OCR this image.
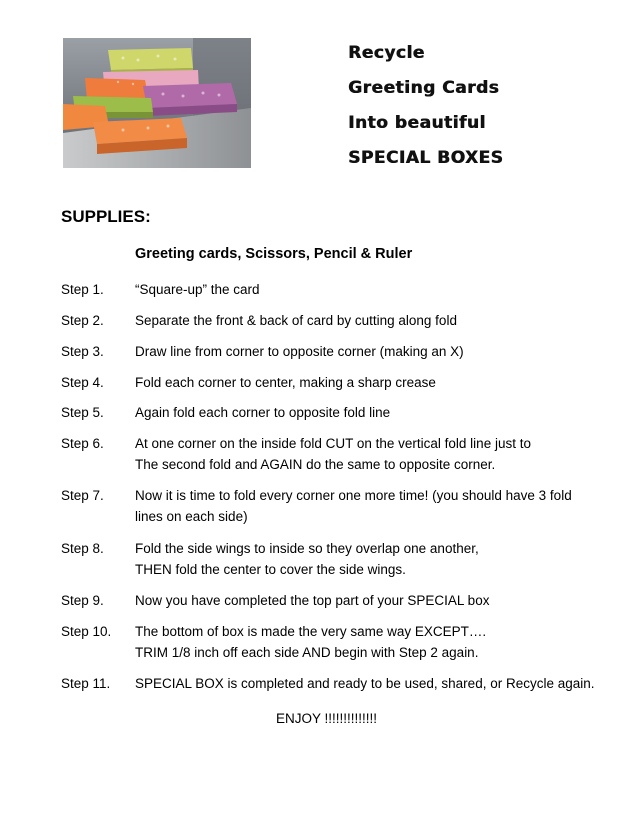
Recycle
Greeting Cards
Into beautiful
SPECIAL BOXES
SUPPLIES:
Greeting cards, Scissors, Pencil & Ruler
Step 1. “Square-up” the card
Step 2. Separate the front & back of card by cutting along fold
Step 3. Draw line from corner to opposite corner (making an X)
Step 4. Fold each corner to center, making a sharp crease
Step 5. Again fold each corner to opposite fold line
Step 6. At one corner on the inside fold CUT on the vertical fold line just to
The second fold and AGAIN do the same to opposite corner.
Step 7. Now it is time to fold every corner one more time! (you should have 3 fold
lines on each side)
Step 8. Fold the side wings to inside so they overlap one another,
THEN fold the center to cover the side wings.
Step 9. Now you have completed the top part of your SPECIAL box
Step 10. The bottom of box is made the very same way EXCEPT….
TRIM 1/8 inch off each side AND begin with Step 2 again.
Step 11. SPECIAL BOX is completed and ready to be used, shared, or Recycle again.
ENJOY !!!!!!!!!!!!!!
